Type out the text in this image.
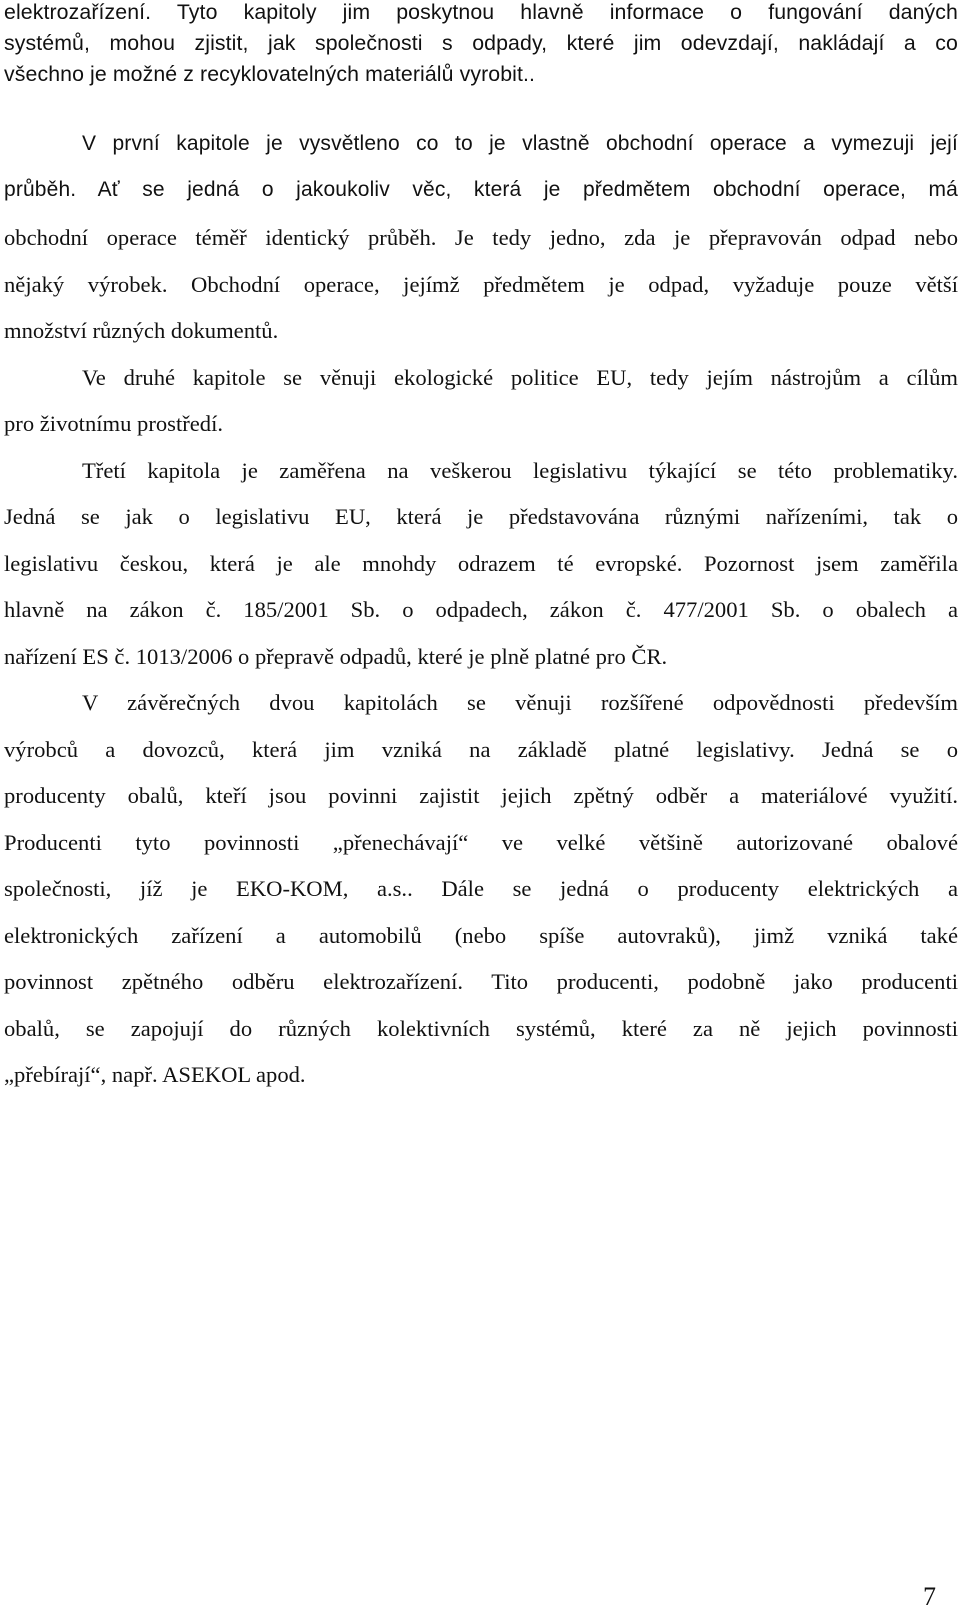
elektrozařízení. Tyto kapitoly jim poskytnou hlavně informace o fungování daných
systémů, mohou zjistit, jak společnosti s odpady, které jim odevzdají, nakládají a co
všechno je možné z recyklovatelných materiálů vyrobit..
V první kapitole je vysvětleno co to je vlastně obchodní operace a vymezuji její
průběh. Ať se jedná o jakoukoliv věc, která je předmětem obchodní operace, má
obchodní operace téměř identický průběh. Je tedy jedno, zda je přepravován odpad nebo
nějaký výrobek. Obchodní operace, jejímž předmětem je odpad, vyžaduje pouze větší
množství různých dokumentů.
Ve druhé kapitole se věnuji ekologické politice EU, tedy jejím nástrojům a cílům
pro životnímu prostředí.
Třetí kapitola je zaměřena na veškerou legislativu týkající se této problematiky.
Jedná se jak o legislativu EU, která je představována různými nařízeními, tak o
legislativu českou, která je ale mnohdy odrazem té evropské. Pozornost jsem zaměřila
hlavně na zákon č. 185/2001 Sb. o odpadech, zákon č. 477/2001 Sb. o obalech a
nařízení ES č. 1013/2006 o přepravě odpadů, které je plně platné pro ČR.
V závěrečných dvou kapitolách se věnuji rozšířené odpovědnosti především
výrobců a dovozců, která jim vzniká na základě platné legislativy. Jedná se o
producenty obalů, kteří jsou povinni zajistit jejich zpětný odběr a materiálové využití.
Producenti tyto povinnosti „přenechávají“ ve velké většině autorizované obalové
společnosti, jíž je EKO-KOM, a.s.. Dále se jedná o producenty elektrických a
elektronických zařízení a automobilů (nebo spíše autovraků), jimž vzniká také
povinnost zpětného odběru elektrozařízení. Tito producenti, podobně jako producenti
obalů, se zapojují do různých kolektivních systémů, které za ně jejich povinnosti
„přebírají“, např. ASEKOL apod.
7
